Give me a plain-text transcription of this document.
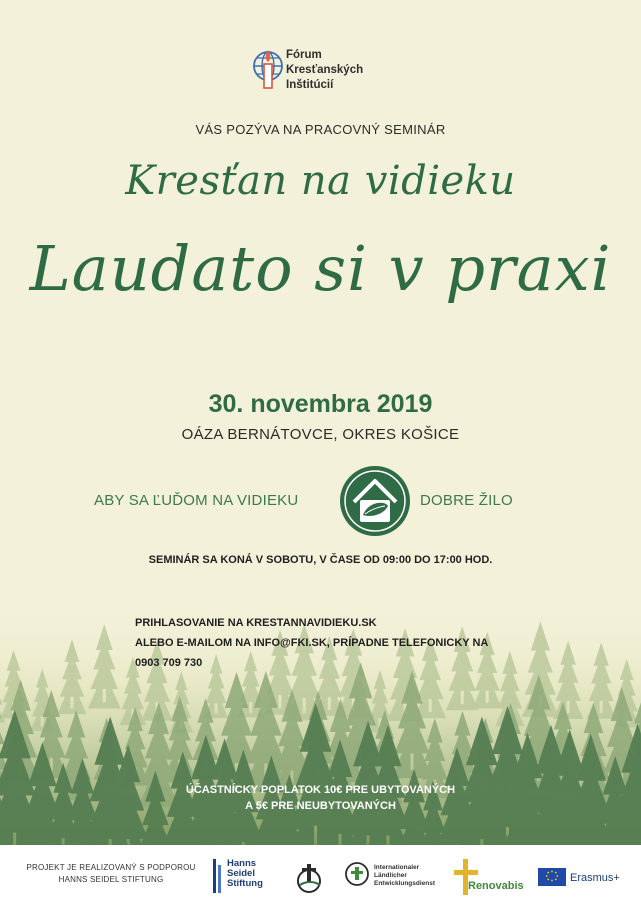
Fórum
Kresťanských
Inštitúcií
VÁS POZÝVA NA PRACOVNÝ SEMINÁR
Kresťan na vidieku
Laudato si v praxi
30. novembra 2019
OÁZA BERNÁTOVCE, OKRES KOŠICE
ABY SA ĽUĎOM NA VIDIEKU	DOBRE ŽILO
SEMINÁR SA KONÁ V SOBOTU, V ČASE OD 09:00 DO 17:00 HOD.
PRIHLASOVANIE NA KRESTANNAVIDIEKU.SK
ALEBO E-MAILOM NA INFO@FKI.SK, PRÍPADNE TELEFONICKY NA
0903 709 730
ÚČASTNÍCKY POPLATOK 10€ PRE UBYTOVANÝCH
A 5€ PRE NEUBYTOVANÝCH
PROJEKT JE REALIZOVANÝ S PODPOROU
HANNS SEIDEL STIFTUNG
Hanns
Seidel
Stiftung
Internationaler
Ländlicher
Entwicklungsdienst	Renovabis
Erasmus+
